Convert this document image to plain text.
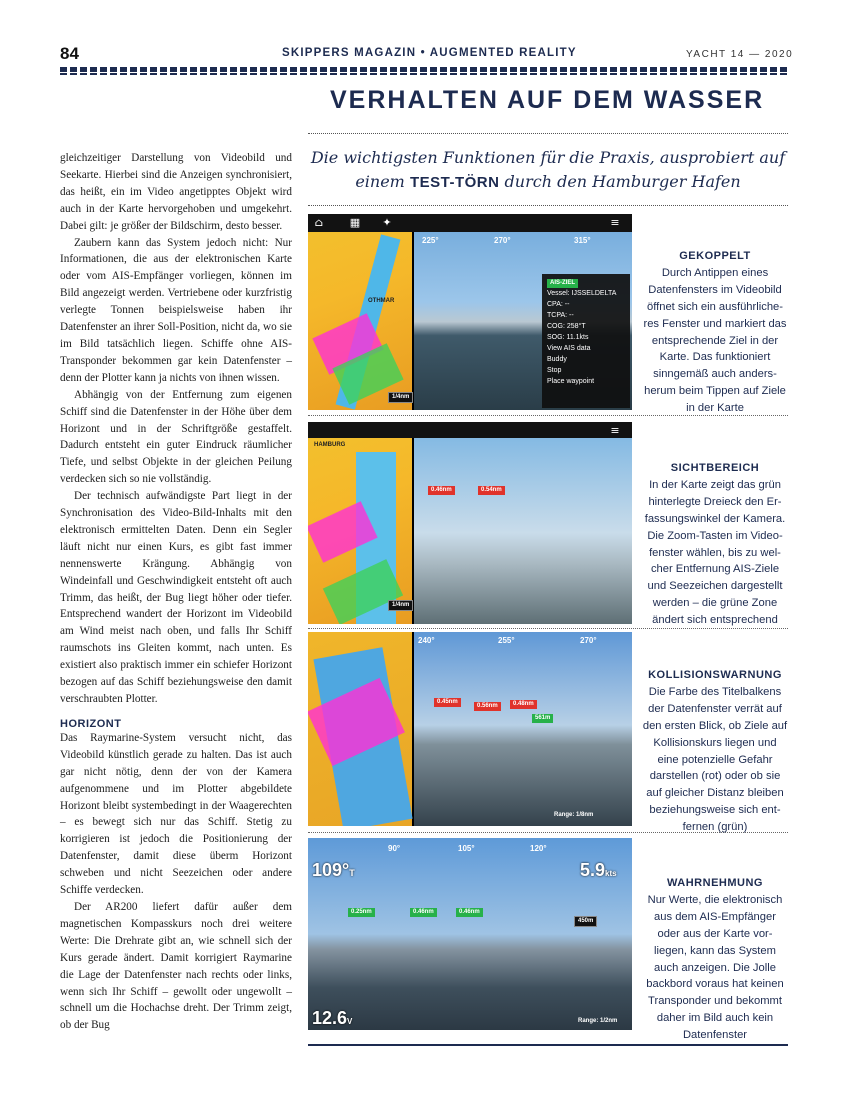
84	SKIPPERS MAGAZIN • AUGMENTED REALITY	YACHT 14 — 2020
VERHALTEN AUF DEM WASSER
Die wichtigsten Funktionen für die Praxis, ausprobiert auf einem TEST-TÖRN durch den Hamburger Hafen

gleichzeitiger Darstellung von Videobild und Seekarte. Hierbei sind die Anzeigen synchronisiert, das heißt, ein im Video angetipptes Objekt wird auch in der Karte hervorgehoben und umgekehrt. Dabei gilt: je größer der Bildschirm, desto besser.

Zaubern kann das System jedoch nicht: Nur Informationen, die aus der elektronischen Karte oder vom AIS-Empfänger vorliegen, können im Bild angezeigt werden. Vertriebene oder kurzfristig verlegte Tonnen beispielsweise haben ihr Datenfenster an ihrer Soll-Position, nicht da, wo sie im Bild tatsächlich liegen. Schiffe ohne AIS-Transponder bekommen gar kein Datenfenster – denn der Plotter kann ja nichts von ihnen wissen.

Abhängig von der Entfernung zum eigenen Schiff sind die Datenfenster in der Höhe über dem Horizont und in der Schriftgröße gestaffelt. Dadurch entsteht ein guter Eindruck räumlicher Tiefe, und selbst Objekte in der gleichen Peilung verdecken sich so nie vollständig.

Der technisch aufwändigste Part liegt in der Synchronisation des Video-Bild-Inhalts mit den elektronisch ermittelten Daten. Denn ein Segler läuft nicht nur einen Kurs, es gibt fast immer nennenswerte Krängung. Abhängig von Windeinfall und Geschwindigkeit entsteht oft auch Trimm, das heißt, der Bug liegt höher oder tiefer. Entsprechend wandert der Horizont im Videobild am Wind meist nach oben, und falls Ihr Schiff raumschots ins Gleiten kommt, nach unten. Es existiert also praktisch immer ein schiefer Horizont bezogen auf das Schiff beziehungsweise den damit verschraubten Plotter.

HORIZONT

Das Raymarine-System versucht nicht, das Videobild künstlich gerade zu halten. Das ist auch gar nicht nötig, denn der von der Kamera aufgenommene und im Plotter abgebildete Horizont bleibt systembedingt in der Waagerechten – es bewegt sich nur das Schiff. Stetig zu korrigieren ist jedoch die Positionierung der Datenfenster, damit diese überm Horizont schweben und nicht Seezeichen oder andere Schiffe verdecken.

Der AR200 liefert dafür außer dem magnetischen Kompasskurs noch drei weitere Werte: Die Drehrate gibt an, wie schnell sich der Kurs gerade ändert. Damit korrigiert Raymarine die Lage der Datenfenster nach rechts oder links, wenn sich Ihr Schiff – gewollt oder ungewollt – schnell um die Hochachse dreht. Der Trimm zeigt, ob der Bug

OTHMAR
1/4nm
225°	270°	315°
AIS-ZIEL
Vessel: IJSSELDELTA
CPA: --
TCPA: --
COG: 258°T
SOG: 11.1kts
View AIS data
Buddy
Stop
Place waypoint
⌂ ▦ ✦	≡
HAMBURG
1/4nm
0.46nm	0.54nm
≡
240°	255°	270°
0.45nm
0.56nm	0.48nm
561m
Range: 1/8nm
109°T	5.9kts
90°	105°	120°
0.25nm	0.46nm	0.46nm
450m
12.6V	Range: 1/2nm
GEKOPPELT
Durch Antippen eines Datenfensters im Videobild öffnet sich ein ausführliche-res Fenster und markiert das entsprechende Ziel in der Karte. Das funktioniert sinngemäß auch anders-herum beim Tippen auf Ziele in der Karte
SICHTBEREICH
In der Karte zeigt das grün hinterlegte Dreieck den Er-fassungswinkel der Kamera. Die Zoom-Tasten im Video-fenster wählen, bis zu wel-cher Entfernung AIS-Ziele und Seezeichen dargestellt werden – die grüne Zone ändert sich entsprechend
KOLLISIONSWARNUNG
Die Farbe des Titelbalkens der Datenfenster verrät auf den ersten Blick, ob Ziele auf Kollisionskurs liegen und eine potenzielle Gefahr darstellen (rot) oder ob sie auf gleicher Distanz bleiben beziehungsweise sich ent-fernen (grün)
WAHRNEHMUNG
Nur Werte, die elektronisch aus dem AIS-Empfänger oder aus der Karte vor-liegen, kann das System auch anzeigen. Die Jolle backbord voraus hat keinen Transponder und bekommt daher im Bild auch kein Datenfenster
